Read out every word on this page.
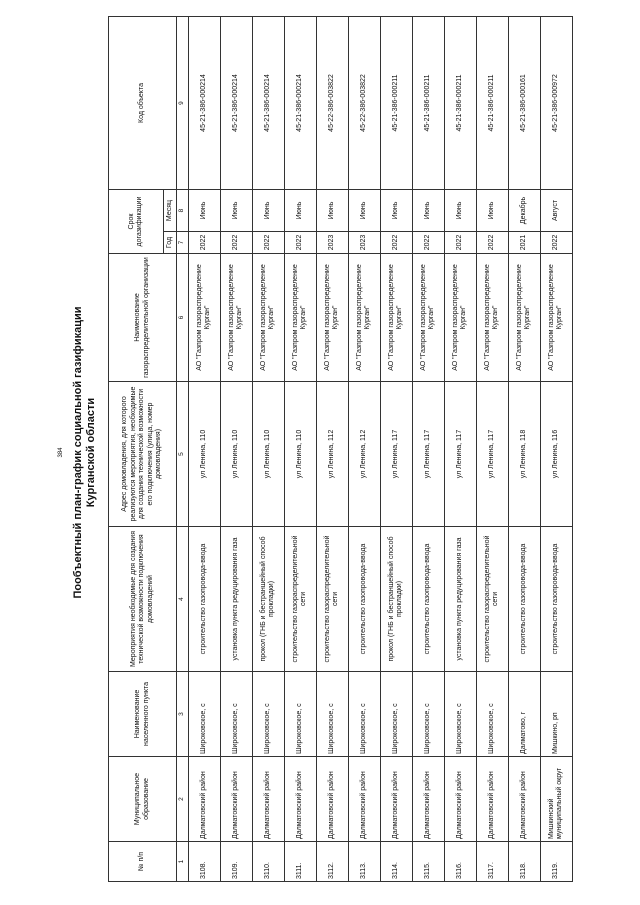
384 Пообъектный план-график социальной газификации Курганской области
№ п/п	Муниципальное образование	Наименование населенного пункта	Мероприятия необходимые для создания технической возможности подключения домовладений	Адрес домовладения, для которого реализуются мероприятия, необходимые для создания технической возможности его подключения (улица, номер домовладения)	Наименование газораспределительной организации	Срок догазификации		Код объекта
						Год	Месяц	
1	2	3	4	5	6	7	8	9
3108.	Далматовский район	Широковское, с	строительство газопровода-ввода	ул Ленина, 110	АО "Газпром газораспределение Курган"	2022	Июнь	45-21-386-000214
3109.	Далматовский район	Широковское, с	установка пункта редуцирования газа	ул Ленина, 110	АО "Газпром газораспределение Курган"	2022	Июнь	45-21-386-000214
3110.	Далматовский район	Широковское, с	прокол (ГНБ и бестраншейный способ прокладки)	ул Ленина, 110	АО "Газпром газораспределение Курган"	2022	Июнь	45-21-386-000214
3111.	Далматовский район	Широковское, с	строительство газораспределительной сети	ул Ленина, 110	АО "Газпром газораспределение Курган"	2022	Июнь	45-21-386-000214
3112.	Далматовский район	Широковское, с	строительство газораспределительной сети	ул Ленина, 112	АО "Газпром газораспределение Курган"	2023	Июнь	45-22-386-003822
3113.	Далматовский район	Широковское, с	строительство газопровода-ввода	ул Ленина, 112	АО "Газпром газораспределение Курган"	2023	Июнь	45-22-386-003822
3114.	Далматовский район	Широковское, с	прокол (ГНБ и бестраншейный способ прокладки)	ул Ленина, 117	АО "Газпром газораспределение Курган"	2022	Июнь	45-21-386-000211
3115.	Далматовский район	Широковское, с	строительство газопровода-ввода	ул Ленина, 117	АО "Газпром газораспределение Курган"	2022	Июнь	45-21-386-000211
3116.	Далматовский район	Широковское, с	установка пункта редуцирования газа	ул Ленина, 117	АО "Газпром газораспределение Курган"	2022	Июнь	45-21-386-000211
3117.	Далматовский район	Широковское, с	строительство газораспределительной сети	ул Ленина, 117	АО "Газпром газораспределение Курган"	2022	Июнь	45-21-386-000211
3118.	Далматовский район	Далматово, г	строительство газопровода-ввода	ул Ленина, 118	АО "Газпром газораспределение Курган"	2021	Декабрь	45-21-386-000161
3119.	Мишкинский муниципальный округ	Мишкино, рп	строительство газопровода-ввода	ул Ленина, 116	АО "Газпром газораспределение Курган"	2022	Август	45-21-386-000972
